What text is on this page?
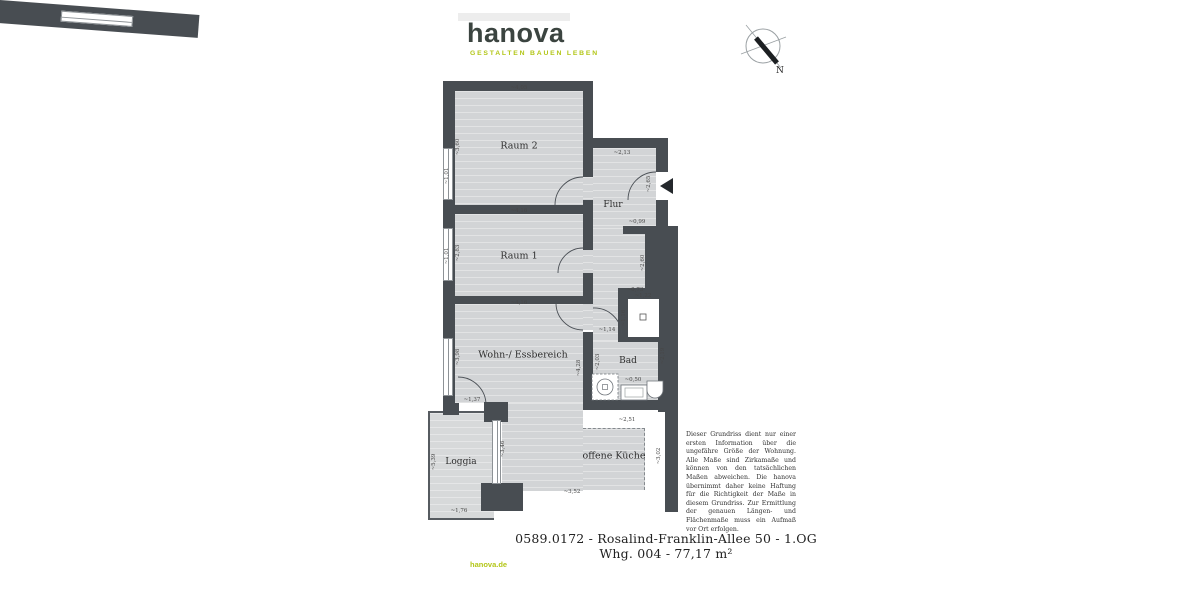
hanova
GESTALTEN BAUEN LEBEN
N
Raum 2
Raum 1
Flur
Wohn-/ Essbereich
Bad
offene Küche
Loggia
~4,05
~3,60
~1,01
~4,16
~2,83
~1,01
~4,16
~3,98
~2,13
~2,65
~0,99
~2,60
~0,73
~1,22
~1,16
~1,14
~4,28 ~2,03	~2,19
~0,50
~1,37
~2,51
~3,02
~3,52
~5,39
~3,46
~1,76
Dieser Grundriss dient nur einer ersten Information über die ungefähre Größe der Wohnung. Alle Maße sind Zirkamaße und können von den tatsächlichen Maßen abweichen. Die hanova übernimmt daher keine Haftung für die Richtigkeit der Maße in diesem Grundriss. Zur Ermittlung der genauen Längen- und Flächenmaße muss ein Aufmaß vor Ort erfolgen.
0589.0172 - Rosalind-Franklin-Allee 50 - 1.OG Whg. 004 - 77,17 m²
hanova.de
